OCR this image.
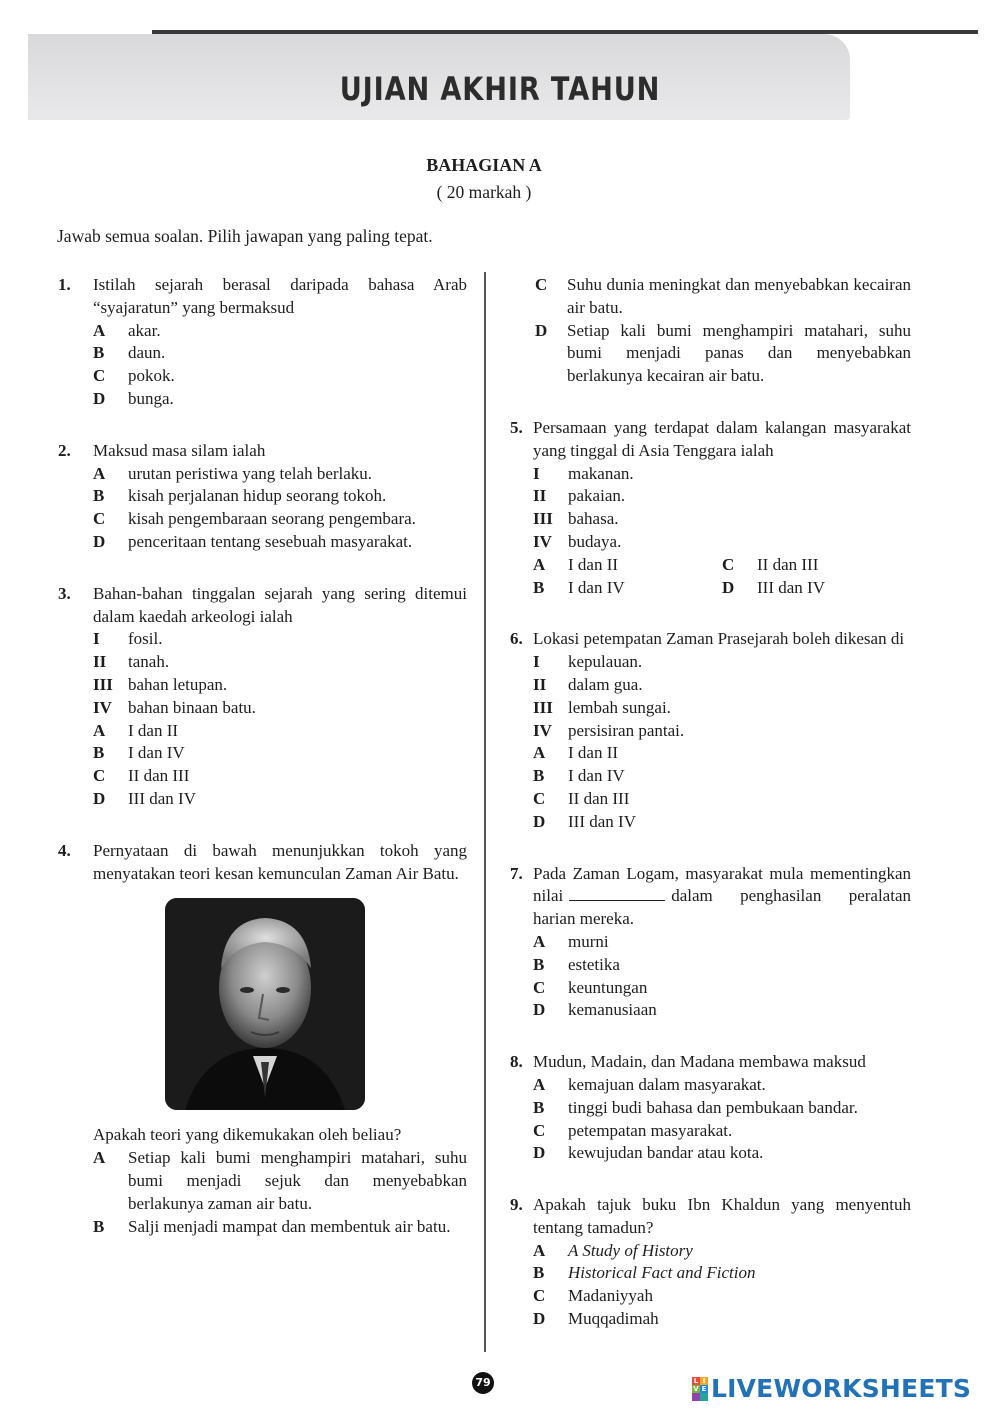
UJIAN AKHIR TAHUN
BAHAGIAN A
( 20 markah )
Jawab semua soalan. Pilih jawapan yang paling tepat.
1. Istilah sejarah berasal daripada bahasa Arab “syajaratun” yang bermaksud
A akar.
B daun.
C pokok.
D bunga.
2. Maksud masa silam ialah
A urutan peristiwa yang telah berlaku.
B kisah perjalanan hidup seorang tokoh.
C kisah pengembaraan seorang pengembara.
D penceritaan tentang sesebuah masyarakat.
3. Bahan-bahan tinggalan sejarah yang sering ditemui dalam kaedah arkeologi ialah
I fosil.
II tanah.
III bahan letupan.
IV bahan binaan batu.
A I dan II
B I dan IV
C II dan III
D III dan IV
4. Pernyataan di bawah menunjukkan tokoh yang menyatakan teori kesan kemunculan Zaman Air Batu.
Apakah teori yang dikemukakan oleh beliau?
A Setiap kali bumi menghampiri matahari, suhu bumi menjadi sejuk dan menyebabkan berlakunya zaman air batu.
B Salji menjadi mampat dan membentuk air batu.
C Suhu dunia meningkat dan menyebabkan kecairan air batu.
D Setiap kali bumi menghampiri matahari, suhu bumi menjadi panas dan menyebabkan berlakunya kecairan air batu.
5. Persamaan yang terdapat dalam kalangan masyarakat yang tinggal di Asia Tenggara ialah
I makanan.
II pakaian.
III bahasa.
IV budaya.
A I dan II	C II dan III
B I dan IV	D III dan IV
6. Lokasi petempatan Zaman Prasejarah boleh dikesan di
I kepulauan.
II dalam gua.
III lembah sungai.
IV persisiran pantai.
A I dan II
B I dan IV
C II dan III
D III dan IV
7. Pada Zaman Logam, masyarakat mula mementingkan nilai	dalam penghasilan peralatan harian mereka.
A murni
B estetika
C keuntungan
D kemanusiaan
8. Mudun, Madain, dan Madana membawa maksud
A kemajuan dalam masyarakat.
B tinggi budi bahasa dan pembukaan bandar.
C petempatan masyarakat.
D kewujudan bandar atau kota.
9. Apakah tajuk buku Ibn Khaldun yang menyentuh tentang tamadun?
A A Study of History
B Historical Fact and Fiction
C Madaniyyah
D Muqqadimah
79	L I
V E LIVEWORKSHEETS
